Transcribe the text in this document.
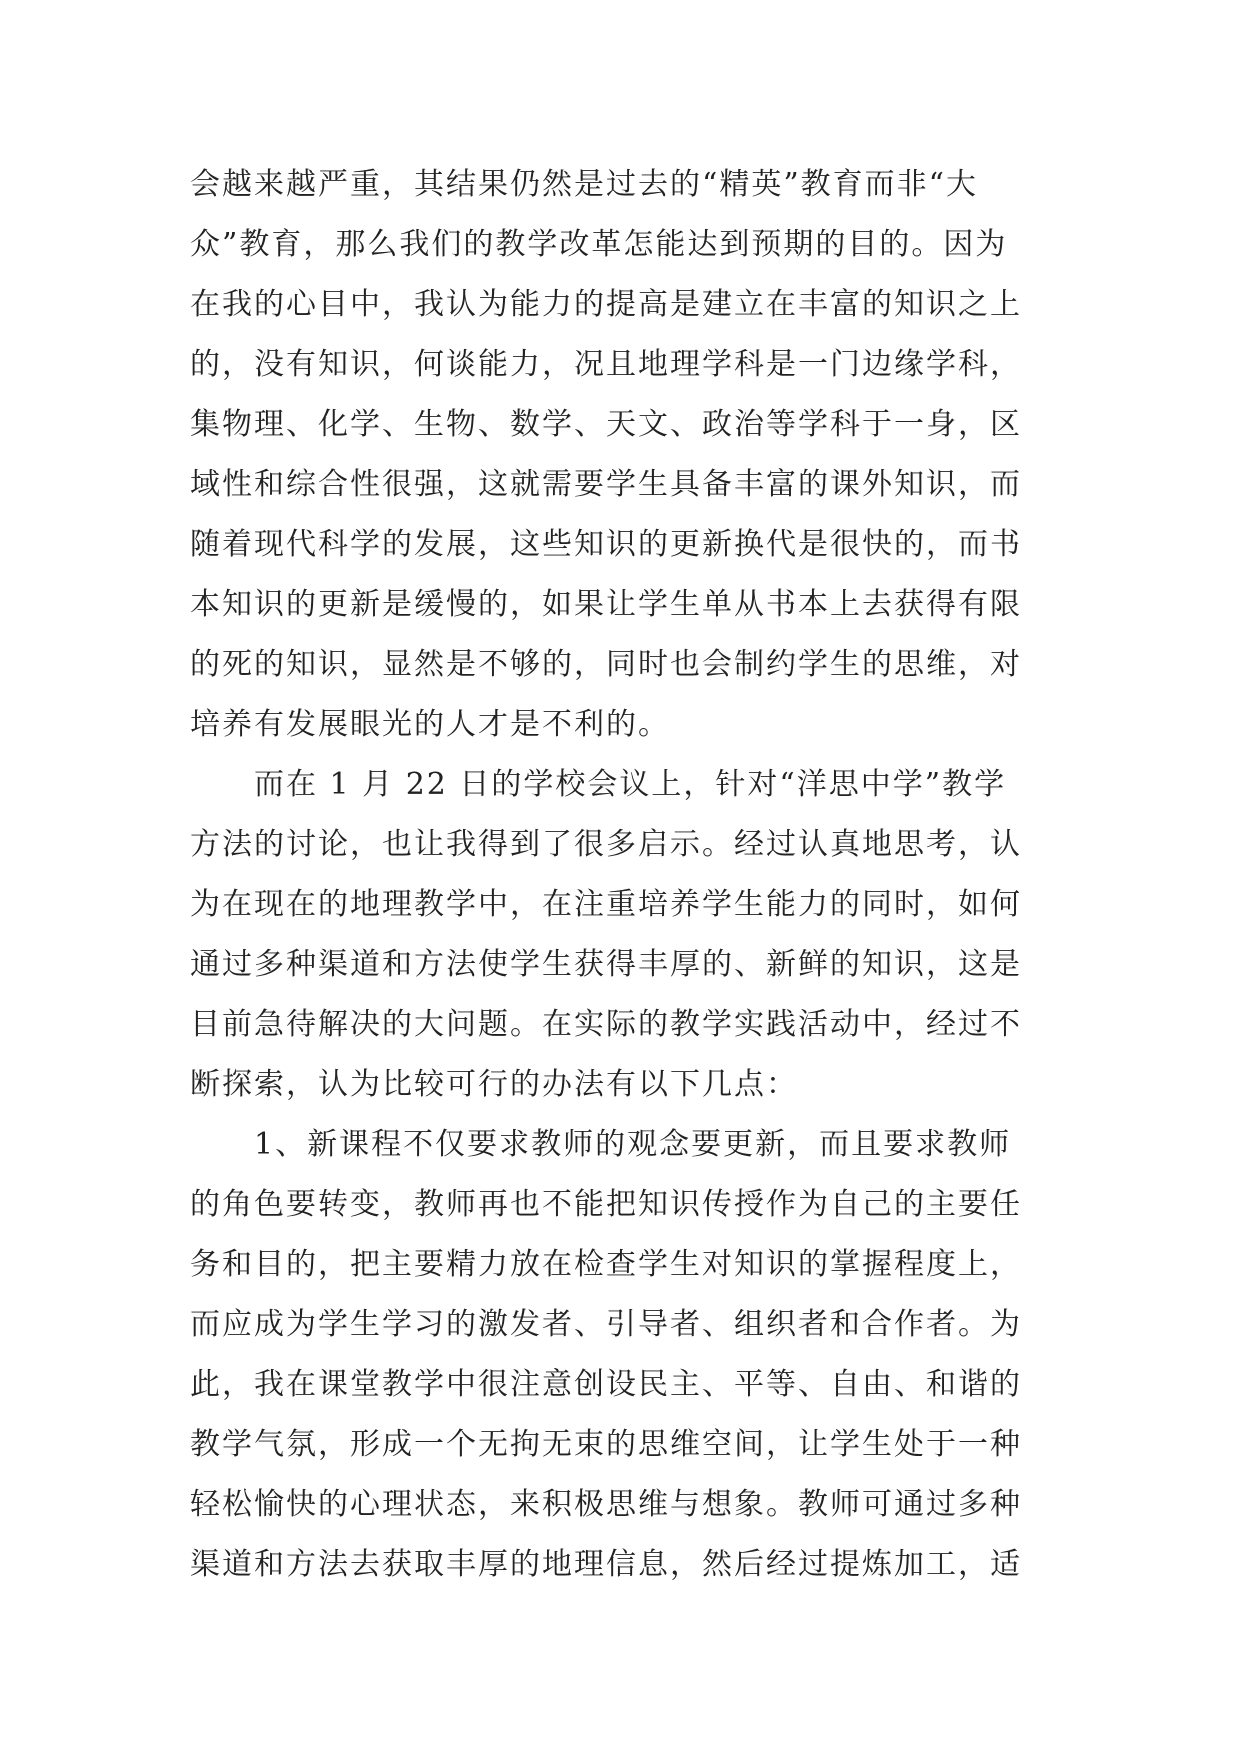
会越来越严重，其结果仍然是过去的“精英”教育而非“大
众”教育，那么我们的教学改革怎能达到预期的目的。因为
在我的心目中，我认为能力的提高是建立在丰富的知识之上
的，没有知识，何谈能力，况且地理学科是一门边缘学科，
集物理、化学、生物、数学、天文、政治等学科于一身，区
域性和综合性很强，这就需要学生具备丰富的课外知识，而
随着现代科学的发展，这些知识的更新换代是很快的，而书
本知识的更新是缓慢的，如果让学生单从书本上去获得有限
的死的知识，显然是不够的，同时也会制约学生的思维，对
培养有发展眼光的人才是不利的。
　　而在 1 月 22 日的学校会议上，针对“洋思中学”教学
方法的讨论，也让我得到了很多启示。经过认真地思考，认
为在现在的地理教学中，在注重培养学生能力的同时，如何
通过多种渠道和方法使学生获得丰厚的、新鲜的知识，这是
目前急待解决的大问题。在实际的教学实践活动中，经过不
断探索，认为比较可行的办法有以下几点：
　　1、新课程不仅要求教师的观念要更新，而且要求教师
的角色要转变，教师再也不能把知识传授作为自己的主要任
务和目的，把主要精力放在检查学生对知识的掌握程度上，
而应成为学生学习的激发者、引导者、组织者和合作者。为
此，我在课堂教学中很注意创设民主、平等、自由、和谐的
教学气氛，形成一个无拘无束的思维空间，让学生处于一种
轻松愉快的心理状态，来积极思维与想象。教师可通过多种
渠道和方法去获取丰厚的地理信息，然后经过提炼加工，适
